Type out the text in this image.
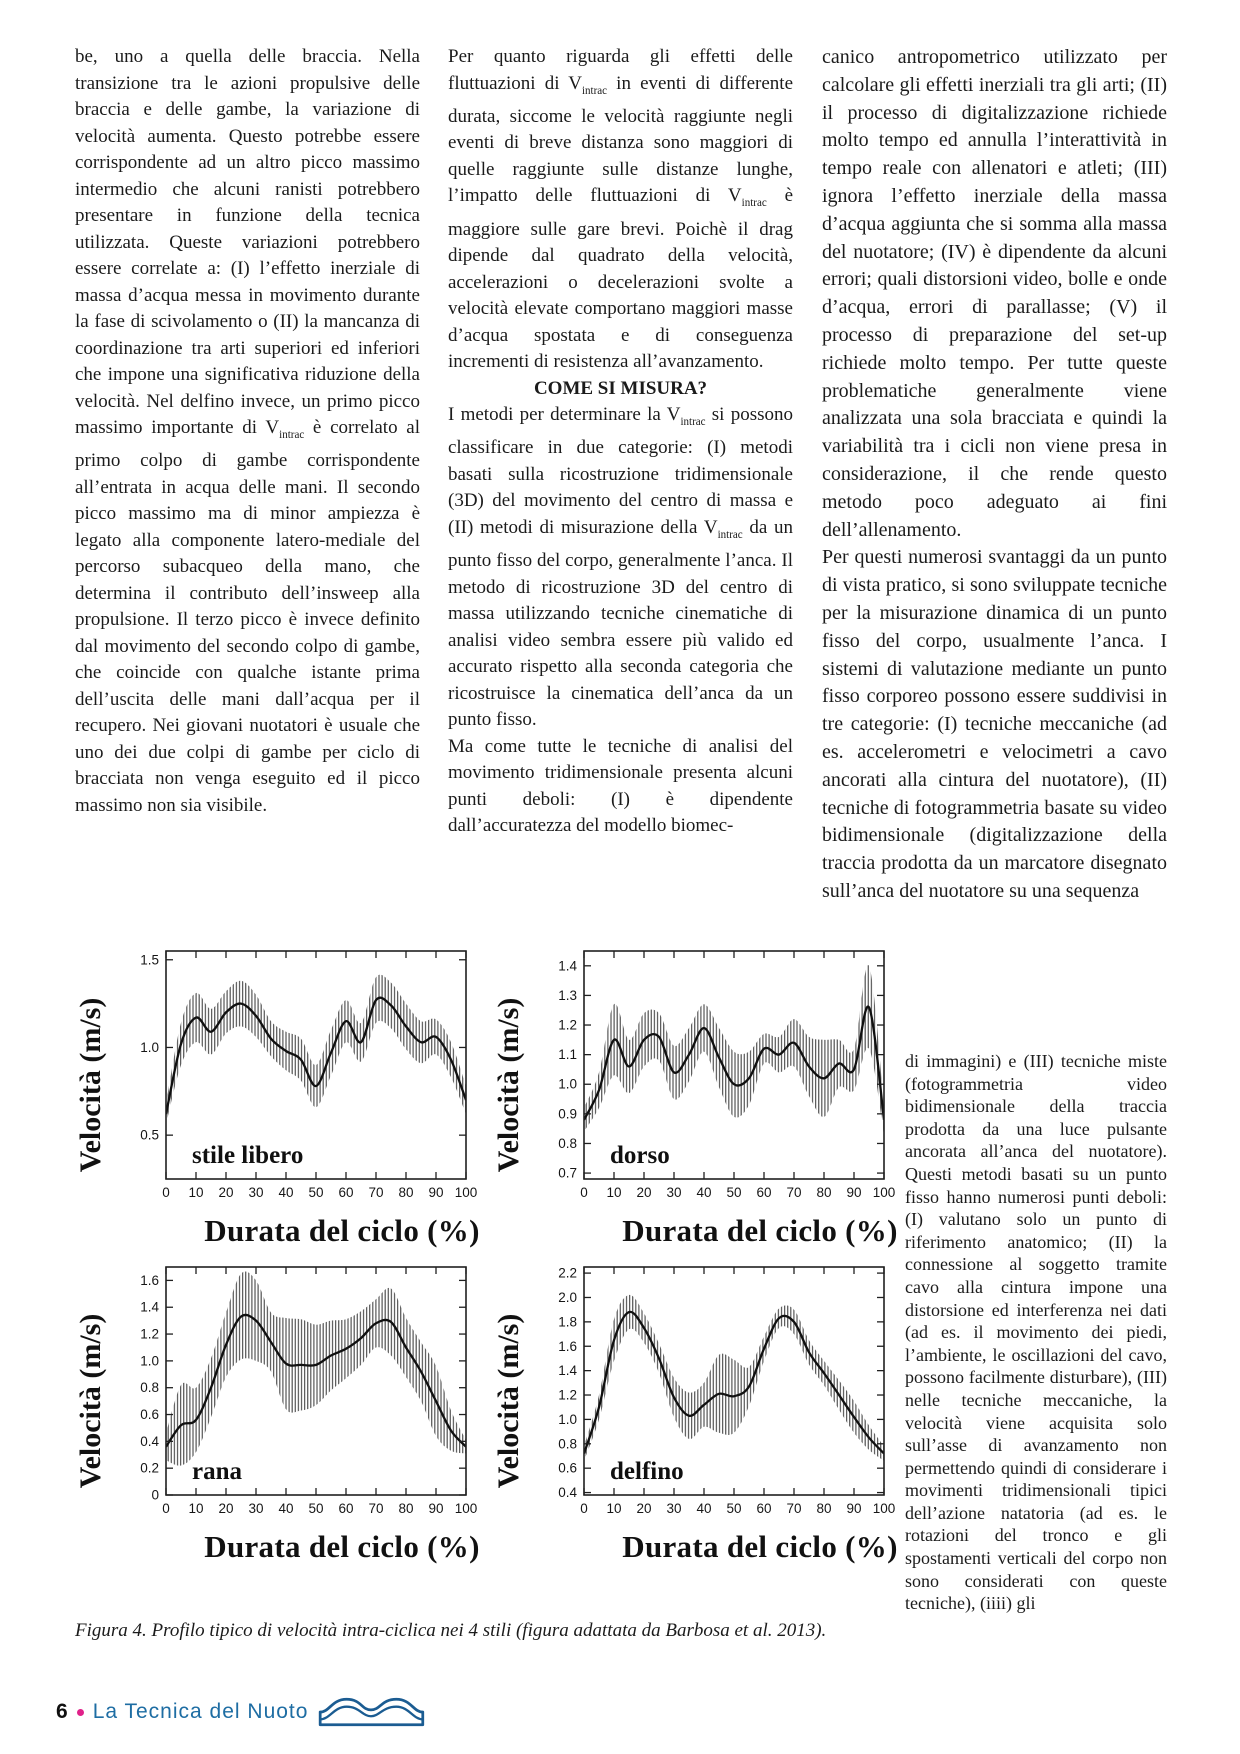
be, uno a quella delle braccia. Nella transizione tra le azioni propulsive delle braccia e delle gambe, la variazione di velocità aumenta. Questo potrebbe essere corrispondente ad un altro picco massimo intermedio che alcuni ranisti potrebbero presentare in funzione della tecnica utilizzata. Queste variazioni potrebbero essere correlate a: (I) l’effetto inerziale di massa d’acqua messa in movimento durante la fase di scivolamento o (II) la mancanza di coordinazione tra arti superiori ed inferiori che impone una significativa riduzione della velocità. Nel delfino invece, un primo picco massimo importante di $V_{intrac}$ è correlato al primo colpo di gambe corrispondente all’entrata in acqua delle mani. Il secondo picco massimo ma di minor ampiezza è legato alla componente latero-mediale del percorso subacqueo della mano, che determina il contributo dell’insweep alla propulsione. Il terzo picco è invece definito dal movimento del secondo colpo di gambe, che coincide con qualche istante prima dell’uscita delle mani dall’acqua per il recupero. Nei giovani nuotatori è usuale che uno dei due colpi di gambe per ciclo di bracciata non venga eseguito ed il picco massimo non sia visibile.

Per quanto riguarda gli effetti delle fluttuazioni di $V_{intrac}$ in eventi di differente durata, siccome le velocità raggiunte negli eventi di breve distanza sono maggiori di quelle raggiunte sulle distanze lunghe, l’impatto delle fluttuazioni di $V_{intrac}$ è maggiore sulle gare brevi. Poichè il drag dipende dal quadrato della velocità, accelerazioni o decelerazioni svolte a velocità elevate comportano maggiori masse d’acqua spostata e di conseguenza incrementi di resistenza all’avanzamento.

COME SI MISURA?

I metodi per determinare la $V_{intrac}$ si possono classificare in due categorie: (I) metodi basati sulla ricostruzione tridimensionale (3D) del movimento del centro di massa e (II) metodi di misurazione della $V_{intrac}$ da un punto fisso del corpo, generalmente l’anca. Il metodo di ricostruzione 3D del centro di massa utilizzando tecniche cinematiche di analisi video sembra essere più valido ed accurato rispetto alla seconda categoria che ricostruisce la cinematica dell’anca da un punto fisso.

Ma come tutte le tecniche di analisi del movimento tridimensionale presenta alcuni punti deboli: (I) è dipendente dall’accuratezza del modello biomec-

canico antropometrico utilizzato per calcolare gli effetti inerziali tra gli arti; (II) il processo di digitalizzazione richiede molto tempo ed annulla l’interattività in tempo reale con allenatori e atleti; (III) ignora l’effetto inerziale della massa d’acqua aggiunta che si somma alla massa del nuotatore; (IV) è dipendente da alcuni errori; quali distorsioni video, bolle e onde d’acqua, errori di parallasse; (V) il processo di preparazione del set-up richiede molto tempo. Per tutte queste problematiche generalmente viene analizzata una sola bracciata e quindi la variabilità tra i cicli non viene presa in considerazione, il che rende questo metodo poco adeguato ai fini dell’allenamento.

Per questi numerosi svantaggi da un punto di vista pratico, si sono sviluppate tecniche per la misurazione dinamica di un punto fisso del corpo, usualmente l’anca. I sistemi di valutazione mediante un punto fisso corporeo possono essere suddivisi in tre categorie: (I) tecniche meccaniche (ad es. accelerometri e velocimetri a cavo ancorati alla cintura del nuotatore), (II) tecniche di fotogrammetria basate su video bidimensionale (digitalizzazione della traccia prodotta da un marcatore disegnato sull’anca del nuotatore su una sequenza

di immagini) e (III) tecniche miste (fotogrammetria video bidimensionale della traccia prodotta da una luce pulsante ancorata all’anca del nuotatore). Questi metodi basati su un punto fisso hanno numerosi punti deboli: (I) valutano solo un punto di riferimento anatomico; (II) la connessione al soggetto tramite cavo alla cintura impone una distorsione ed interferenza nei dati (ad es. il movimento dei piedi, l’ambiente, le oscillazioni del cavo, possono facilmente disturbare), (III) nelle tecniche meccaniche, la velocità viene acquisita solo sull’asse di avanzamento non permettendo quindi di considerare i movimenti tridimensionali tipici dell’azione natatoria (ad es. le rotazioni del tronco e gli spostamenti verticali del corpo non sono considerati con queste tecniche), (iiii) gli

Velocità (m/s)
0 10 20 30 40 50 60 70 80 90 100
0.5
1.0
1.5
stile libero
Durata del ciclo (%)
Velocità (m/s)
0 10 20 30 40 50 60 70 80 90 100
0.7
0.8
0.9
1.0
1.1
1.2
1.3
1.4
dorso
Durata del ciclo (%)
Velocità (m/s)
0 10 20 30 40 50 60 70 80 90 100
0
0.2
0.4
0.6
0.8
1.0
1.2
1.4
1.6
rana
Durata del ciclo (%)
Velocità (m/s)
0 10 20 30 40 50 60 70 80 90 100
0.4
0.6
0.8
1.0
1.2
1.4
1.6
1.8
2.0
2.2
delfino
Durata del ciclo (%)
Figura 4. Profilo tipico di velocità intra-ciclica nei 4 stili (figura adattata da Barbosa et al. 2013).
6 La Tecnica del Nuoto
